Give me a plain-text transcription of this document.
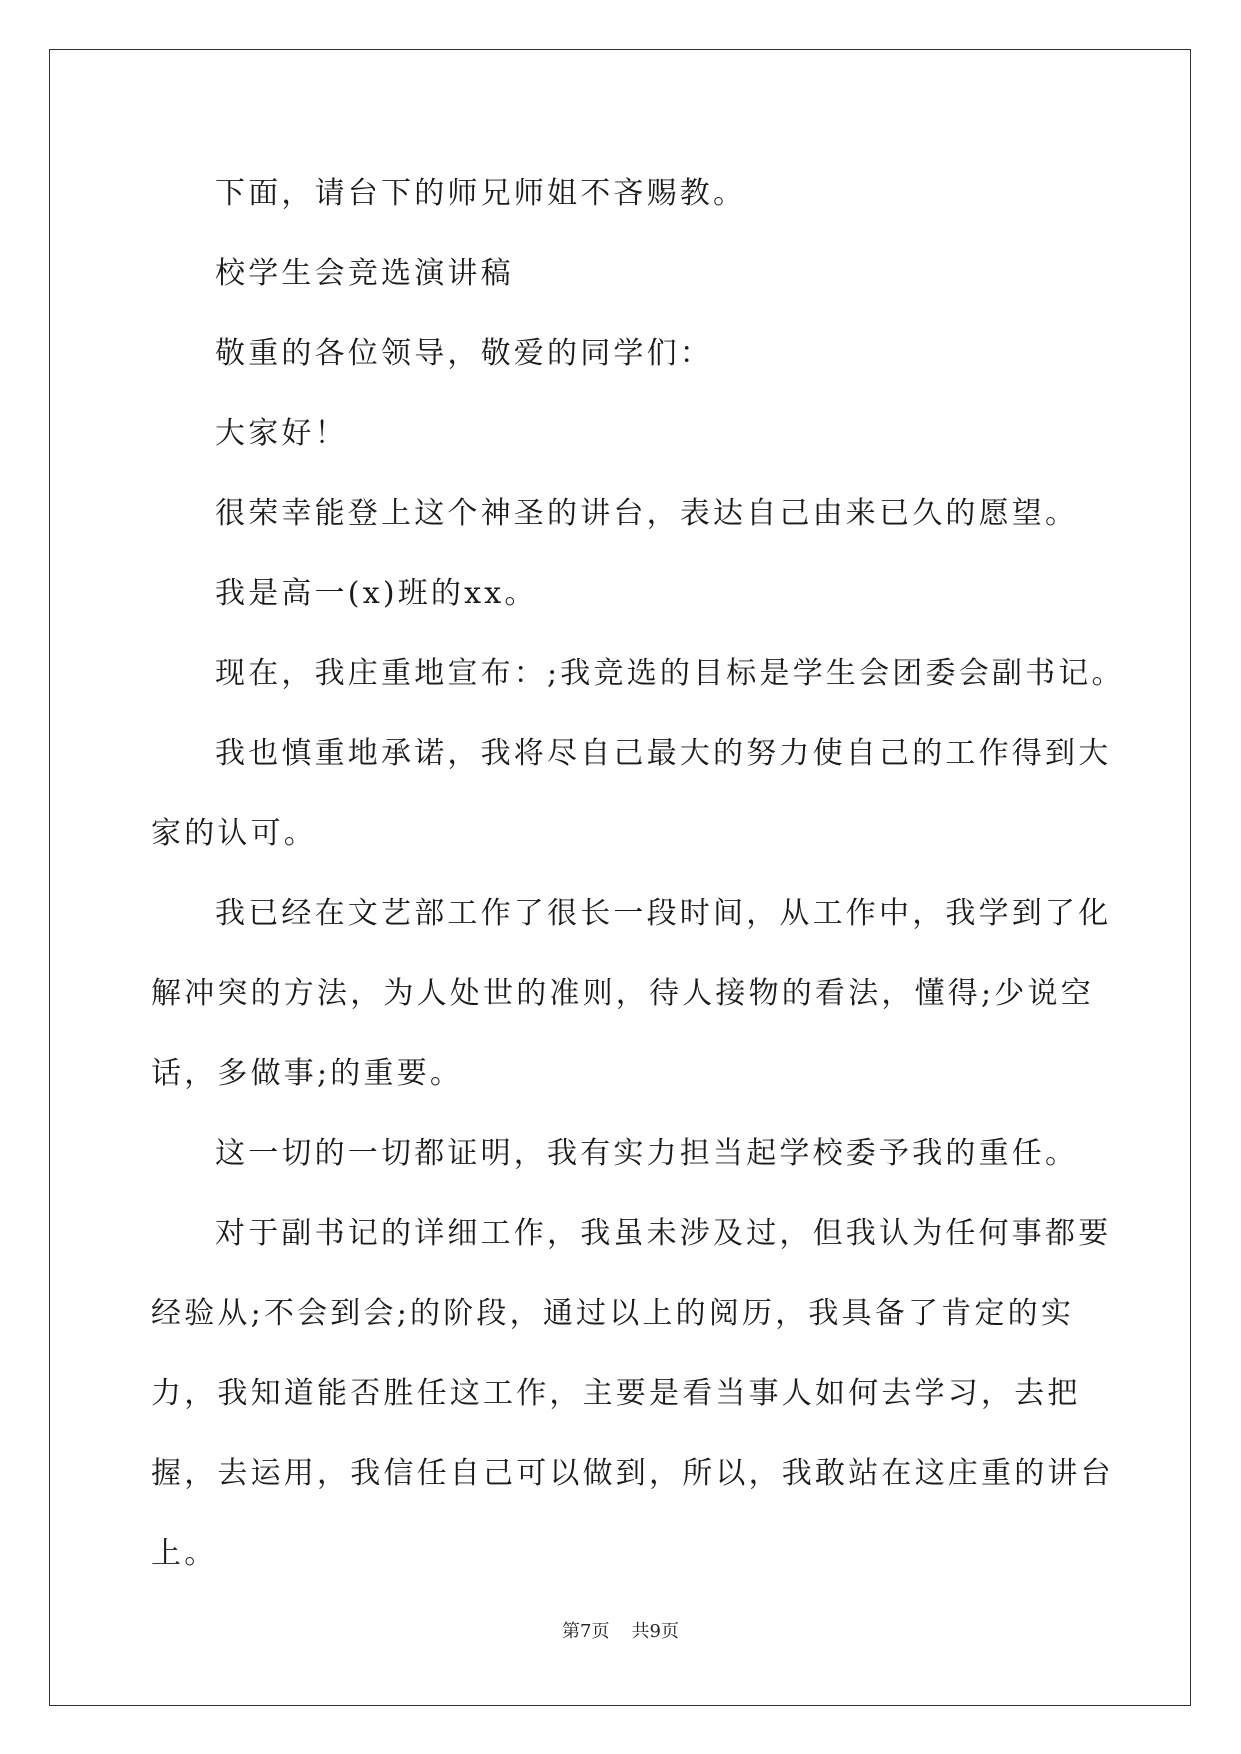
下面，请台下的师兄师姐不吝赐教。

校学生会竞选演讲稿

敬重的各位领导，敬爱的同学们：

大家好！

很荣幸能登上这个神圣的讲台，表达自己由来已久的愿望。

我是高一(x)班的xx。

现在，我庄重地宣布：;我竞选的目标是学生会团委会副书记。

我也慎重地承诺，我将尽自己最大的努力使自己的工作得到大家的认可。

我已经在文艺部工作了很长一段时间，从工作中，我学到了化解冲突的方法，为人处世的准则，待人接物的看法，懂得;少说空话，多做事;的重要。

这一切的一切都证明，我有实力担当起学校委予我的重任。

对于副书记的详细工作，我虽未涉及过，但我认为任何事都要经验从;不会到会;的阶段，通过以上的阅历，我具备了肯定的实力，我知道能否胜任这工作，主要是看当事人如何去学习，去把握，去运用，我信任自己可以做到，所以，我敢站在这庄重的讲台上。

第7页 共9页
